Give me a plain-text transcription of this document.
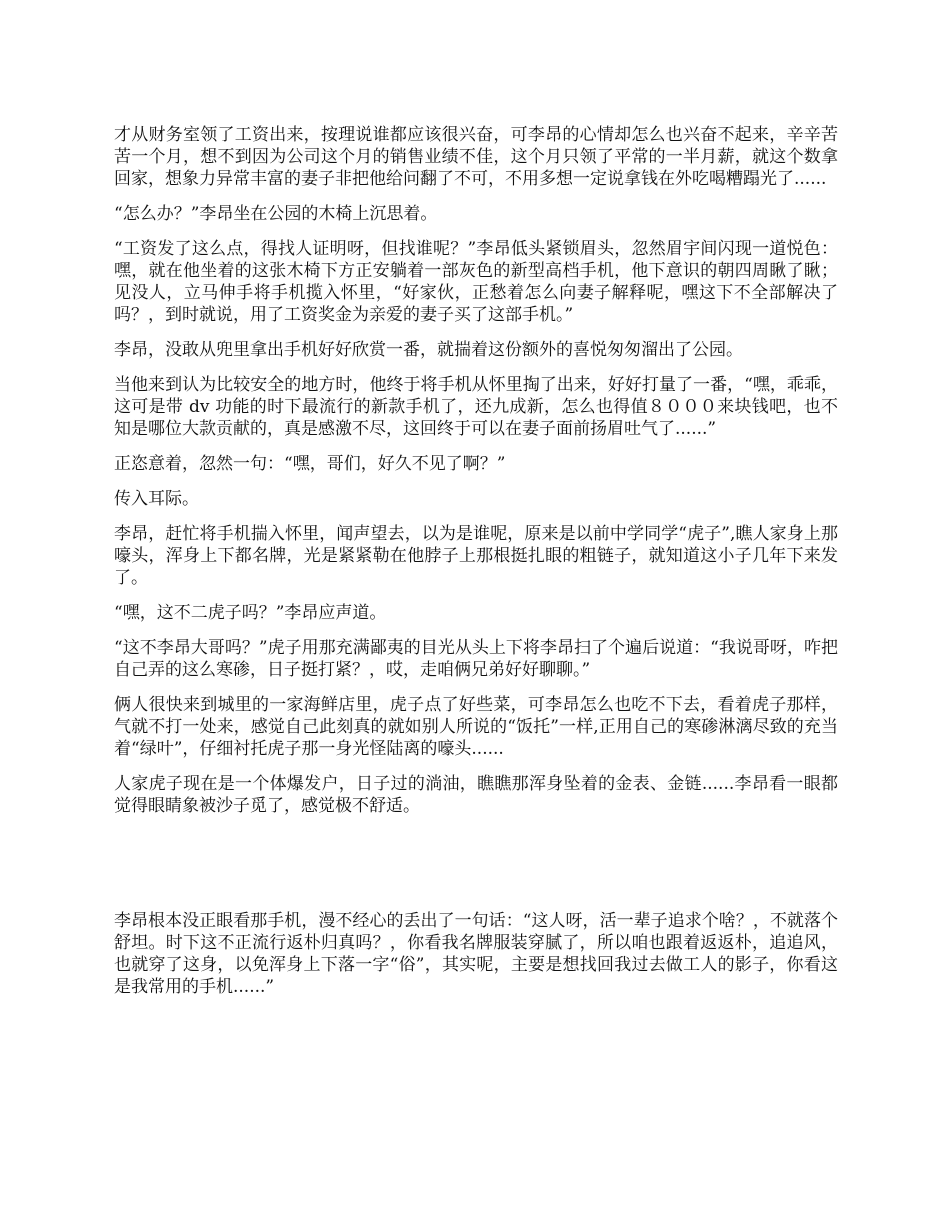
才从财务室领了工资出来，按理说谁都应该很兴奋，可李昂的心情却怎么也兴奋不起来，辛辛苦苦一个月，想不到因为公司这个月的销售业绩不佳，这个月只领了平常的一半月薪，就这个数拿回家，想象力异常丰富的妻子非把他给问翻了不可，不用多想一定说拿钱在外吃喝糟蹋光了......

“怎么办？”李昂坐在公园的木椅上沉思着。

“工资发了这么点，得找人证明呀，但找谁呢？”李昂低头紧锁眉头，忽然眉宇间闪现一道悦色：嘿，就在他坐着的这张木椅下方正安躺着一部灰色的新型高档手机，他下意识的朝四周瞅了瞅；见没人，立马伸手将手机揽入怀里，“好家伙，正愁着怎么向妻子解释呢，嘿这下不全部解决了吗？，到时就说，用了工资奖金为亲爱的妻子买了这部手机。”

李昂，没敢从兜里拿出手机好好欣赏一番，就揣着这份额外的喜悦匆匆溜出了公园。

当他来到认为比较安全的地方时，他终于将手机从怀里掏了出来，好好打量了一番，“嘿，乖乖，这可是带 dv 功能的时下最流行的新款手机了，还九成新，怎么也得值８０００来块钱吧，也不知是哪位大款贡献的，真是感激不尽，这回终于可以在妻子面前扬眉吐气了......”

正恣意着，忽然一句：“嘿，哥们，好久不见了啊？”

传入耳际。

李昂，赶忙将手机揣入怀里，闻声望去，以为是谁呢，原来是以前中学同学“虎子”,瞧人家身上那嚎头，浑身上下都名牌，光是紧紧勒在他脖子上那根挺扎眼的粗链子，就知道这小子几年下来发了。

“嘿，这不二虎子吗？”李昂应声道。

“这不李昂大哥吗？”虎子用那充满鄙夷的目光从头上下将李昂扫了个遍后说道：“我说哥呀，咋把自己弄的这么寒碜，日子挺打紧？，哎，走咱俩兄弟好好聊聊。”

俩人很快来到城里的一家海鲜店里，虎子点了好些菜，可李昂怎么也吃不下去，看着虎子那样，气就不打一处来，感觉自己此刻真的就如别人所说的“饭托”一样,正用自己的寒碜淋漓尽致的充当 着“绿叶”，仔细衬托虎子那一身光怪陆离的嚎头......

人家虎子现在是一个体爆发户，日子过的淌油，瞧瞧那浑身坠着的金表、金链......李昂看一眼都觉得眼睛象被沙子觅了，感觉极不舒适。

李昂根本没正眼看那手机，漫不经心的丢出了一句话：“这人呀，活一辈子追求个啥？，不就落个舒坦。时下这不正流行返朴归真吗？，你看我名牌服装穿腻了，所以咱也跟着返返朴，追追风，也就穿了这身，以免浑身上下落一字“俗”，其实呢，主要是想找回我过去做工人的影子，你看这是我常用的手机......”
